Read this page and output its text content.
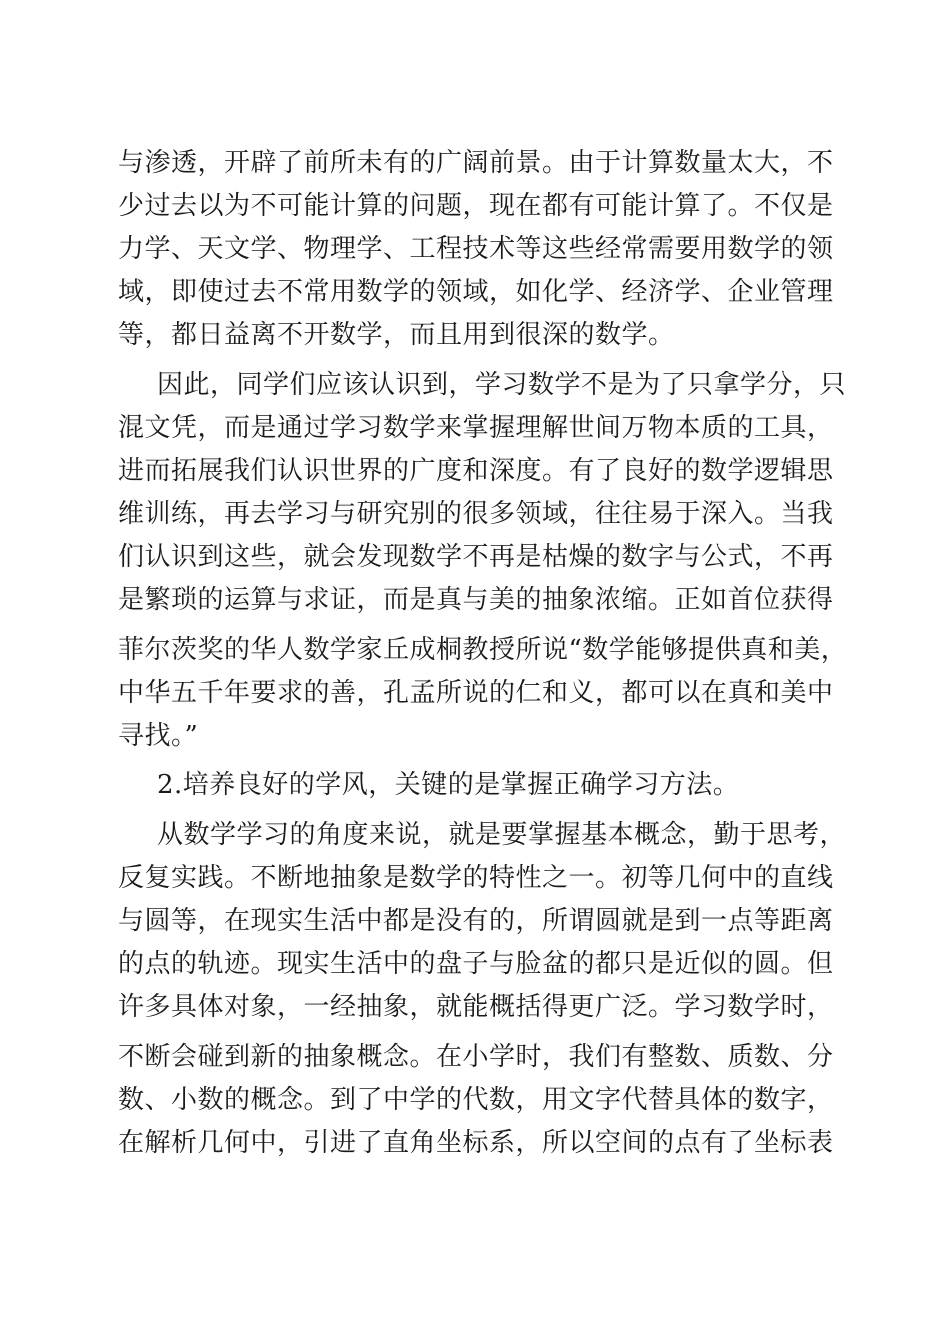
与渗透，开辟了前所未有的广阔前景。由于计算数量太大，不
少过去以为不可能计算的问题，现在都有可能计算了。不仅是
力学、天文学、物理学、工程技术等这些经常需要用数学的领
域，即使过去不常用数学的领域，如化学、经济学、企业管理
等，都日益离不开数学，而且用到很深的数学。
因此，同学们应该认识到，学习数学不是为了只拿学分，只
混文凭，而是通过学习数学来掌握理解世间万物本质的工具，
进而拓展我们认识世界的广度和深度。有了良好的数学逻辑思
维训练，再去学习与研究别的很多领域，往往易于深入。当我
们认识到这些，就会发现数学不再是枯燥的数字与公式，不再
是繁琐的运算与求证，而是真与美的抽象浓缩。正如首位获得
菲尔茨奖的华人数学家丘成桐教授所说“数学能够提供真和美，
中华五千年要求的善，孔孟所说的仁和义，都可以在真和美中
寻找。”
2.培养良好的学风，关键的是掌握正确学习方法。
从数学学习的角度来说，就是要掌握基本概念，勤于思考，
反复实践。不断地抽象是数学的特性之一。初等几何中的直线
与圆等，在现实生活中都是没有的，所谓圆就是到一点等距离
的点的轨迹。现实生活中的盘子与脸盆的都只是近似的圆。但
许多具体对象，一经抽象，就能概括得更广泛。学习数学时，
不断会碰到新的抽象概念。在小学时，我们有整数、质数、分
数、小数的概念。到了中学的代数，用文字代替具体的数字，
在解析几何中，引进了直角坐标系，所以空间的点有了坐标表
